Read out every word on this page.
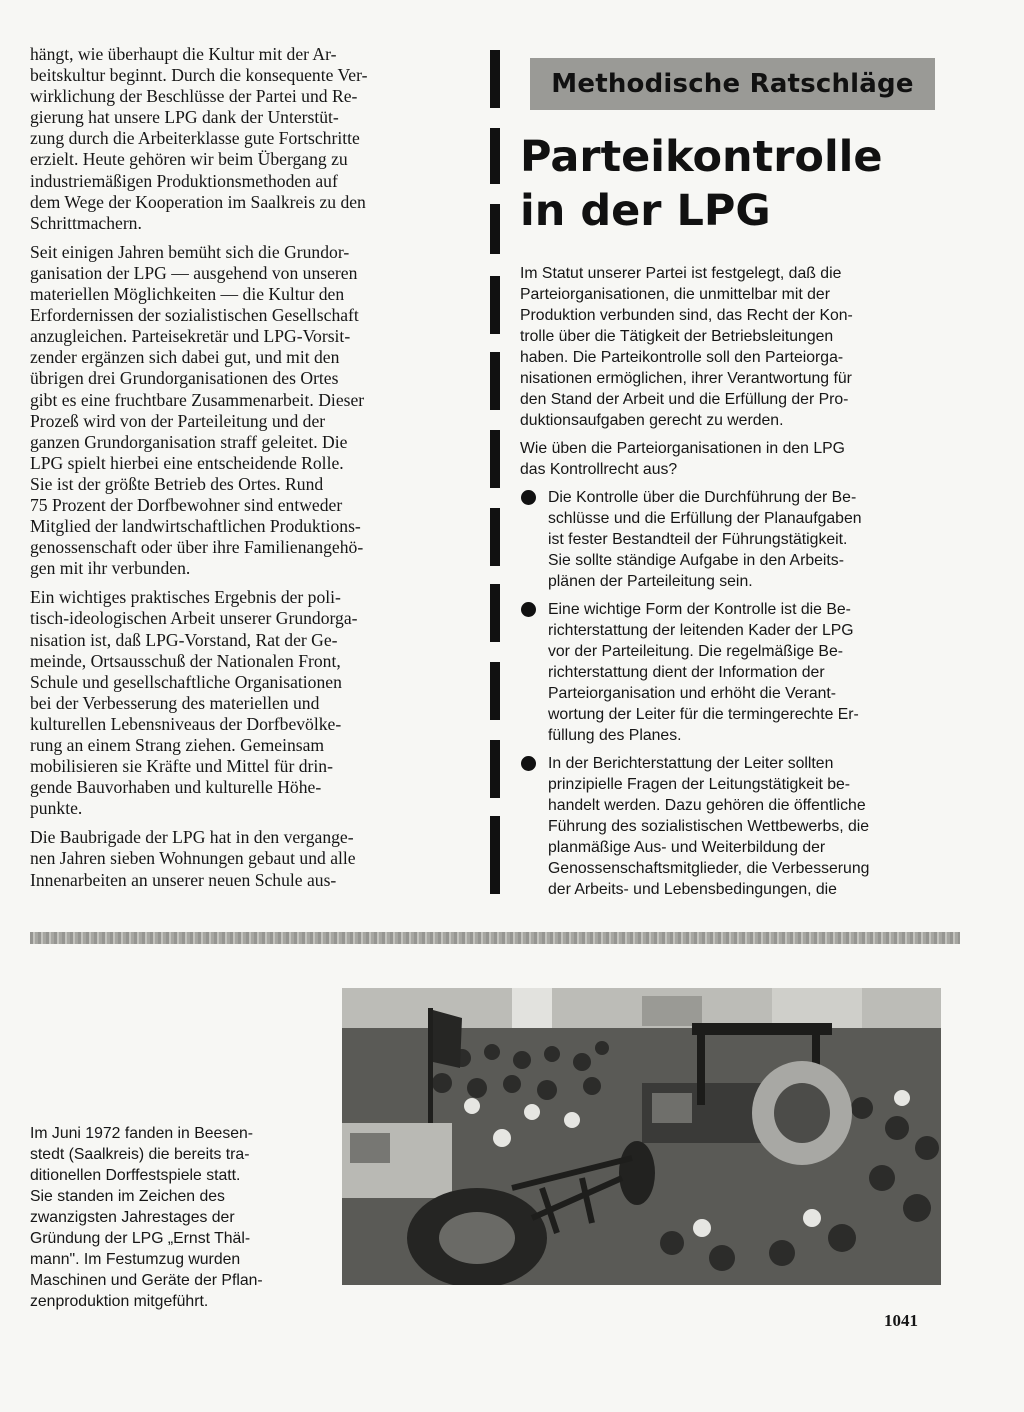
hängt, wie überhaupt die Kultur mit der Ar-
beitskultur beginnt. Durch die konsequente Ver-
wirklichung der Beschlüsse der Partei und Re-
gierung hat unsere LPG dank der Unterstüt-
zung durch die Arbeiterklasse gute Fortschritte
erzielt. Heute gehören wir beim Übergang zu
industriemäßigen Produktionsmethoden auf
dem Wege der Kooperation im Saalkreis zu den
Schrittmachern.

Seit einigen Jahren bemüht sich die Grundor-
ganisation der LPG — ausgehend von unseren
materiellen Möglichkeiten — die Kultur den
Erfordernissen der sozialistischen Gesellschaft
anzugleichen. Parteisekretär und LPG-Vorsit-
zender ergänzen sich dabei gut, und mit den
übrigen drei Grundorganisationen des Ortes
gibt es eine fruchtbare Zusammenarbeit. Dieser
Prozeß wird von der Parteileitung und der
ganzen Grundorganisation straff geleitet. Die
LPG spielt hierbei eine entscheidende Rolle.
Sie ist der größte Betrieb des Ortes. Rund
75 Prozent der Dorfbewohner sind entweder
Mitglied der landwirtschaftlichen Produktions-
genossenschaft oder über ihre Familienangehö-
gen mit ihr verbunden.

Ein wichtiges praktisches Ergebnis der poli-
tisch-ideologischen Arbeit unserer Grundorga-
nisation ist, daß LPG-Vorstand, Rat der Ge-
meinde, Ortsausschuß der Nationalen Front,
Schule und gesellschaftliche Organisationen
bei der Verbesserung des materiellen und
kulturellen Lebensniveaus der Dorfbevölke-
rung an einem Strang ziehen. Gemeinsam
mobilisieren sie Kräfte und Mittel für drin-
gende Bauvorhaben und kulturelle Höhe-
punkte.

Die Baubrigade der LPG hat in den vergange-
nen Jahren sieben Wohnungen gebaut und alle
Innenarbeiten an unserer neuen Schule aus-

Methodische Ratschläge
Parteikontrolle
in der LPG

Im Statut unserer Partei ist festgelegt, daß die
Parteiorganisationen, die unmittelbar mit der
Produktion verbunden sind, das Recht der Kon-
trolle über die Tätigkeit der Betriebsleitungen
haben. Die Parteikontrolle soll den Parteiorga-
nisationen ermöglichen, ihrer Verantwortung für
den Stand der Arbeit und die Erfüllung der Pro-
duktionsaufgaben gerecht zu werden.

Wie üben die Parteiorganisationen in den LPG
das Kontrollrecht aus?

Die Kontrolle über die Durchführung der Be-
schlüsse und die Erfüllung der Planaufgaben
ist fester Bestandteil der Führungstätigkeit.
Sie sollte ständige Aufgabe in den Arbeits-
plänen der Parteileitung sein.

Eine wichtige Form der Kontrolle ist die Be-
richterstattung der leitenden Kader der LPG
vor der Parteileitung. Die regelmäßige Be-
richterstattung dient der Information der
Parteiorganisation und erhöht die Verant-
wortung der Leiter für die termingerechte Er-
füllung des Planes.

In der Berichterstattung der Leiter sollten
prinzipielle Fragen der Leitungstätigkeit be-
handelt werden. Dazu gehören die öffentliche
Führung des sozialistischen Wettbewerbs, die
planmäßige Aus- und Weiterbildung der
Genossenschaftsmitglieder, die Verbesserung
der Arbeits- und Lebensbedingungen, die

Im Juni 1972 fanden in Beesen-
stedt (Saalkreis) die bereits tra-
ditionellen Dorffestspiele statt.
Sie standen im Zeichen des
zwanzigsten Jahrestages der
Gründung der LPG „Ernst Thäl-
mann". Im Festumzug wurden
Maschinen und Geräte der Pflan-
zenproduktion mitgeführt.
1041
